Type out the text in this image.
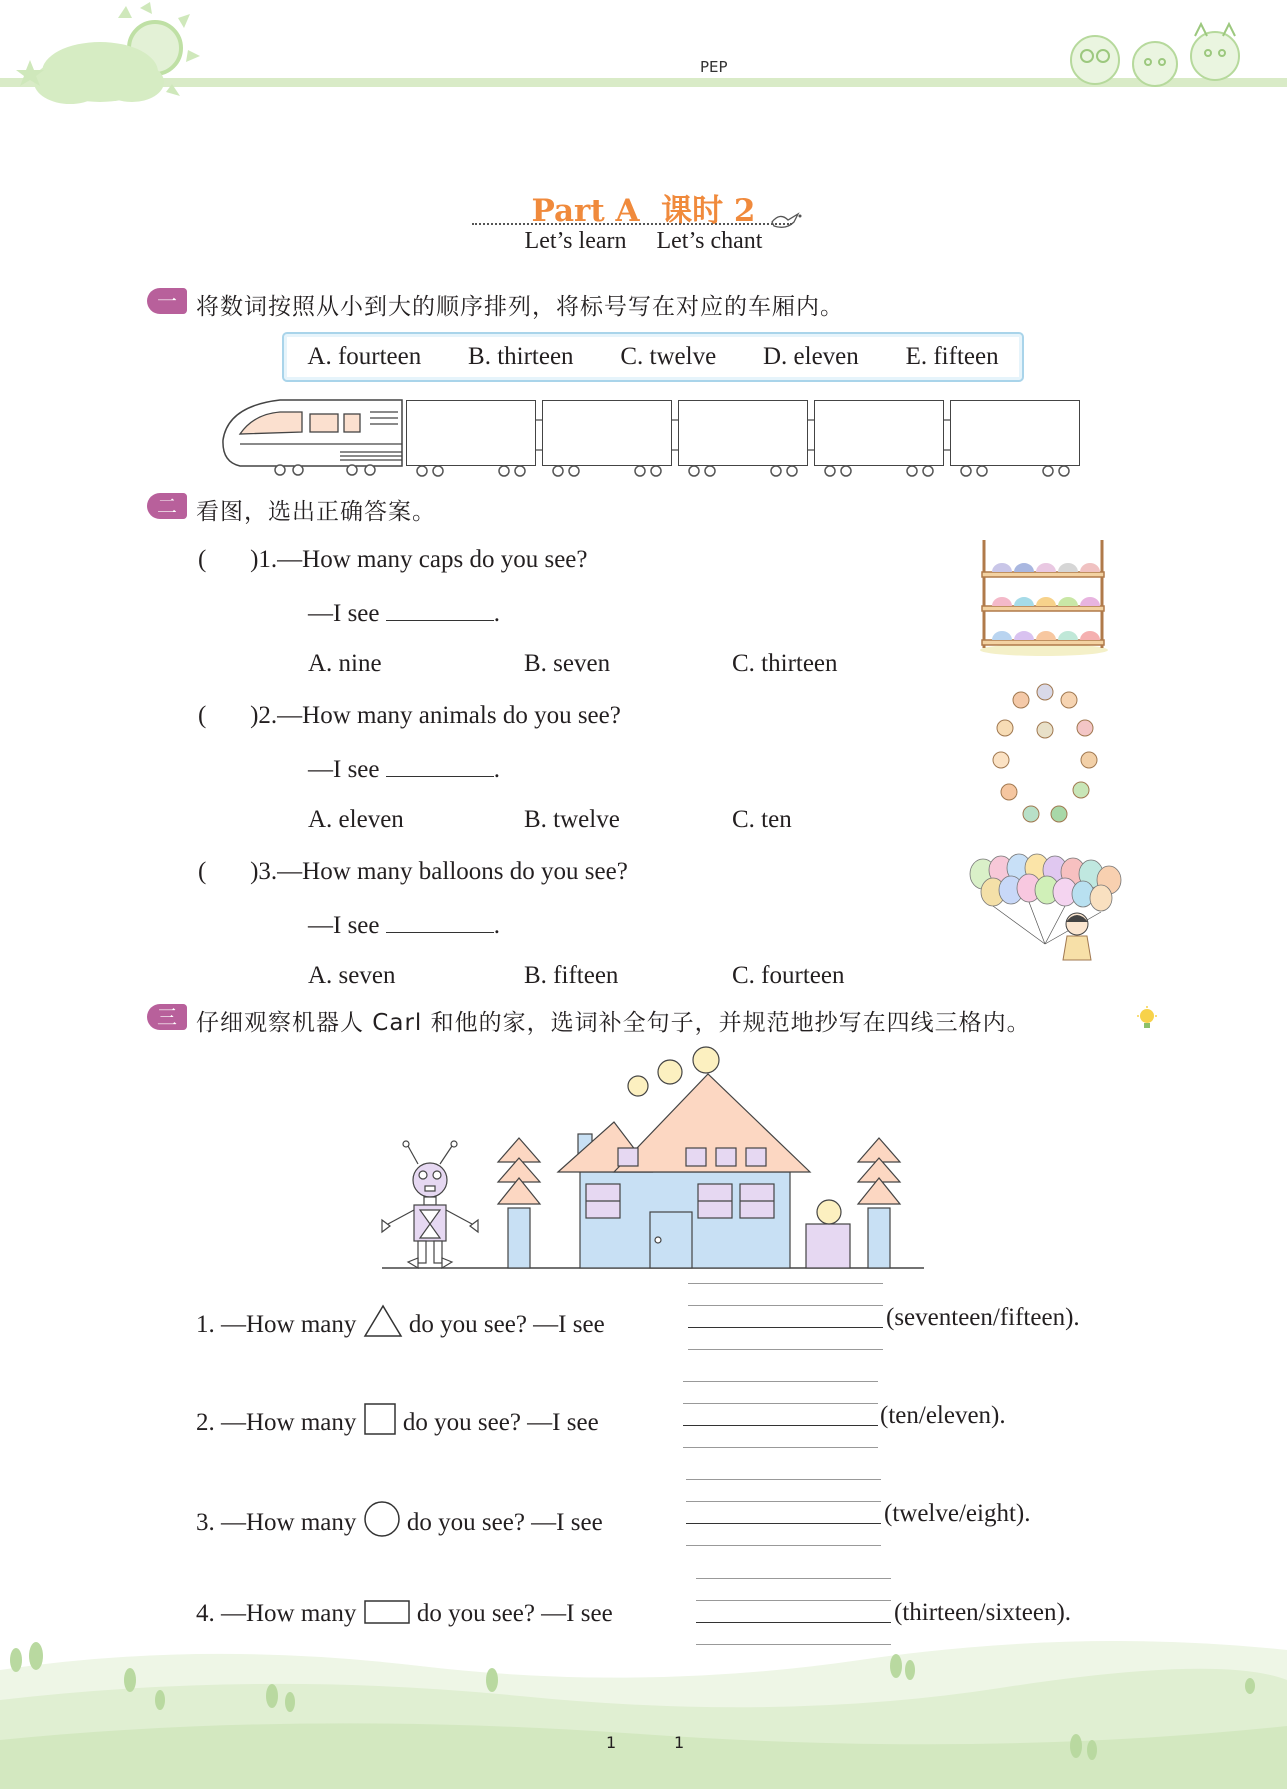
PEP
Part A  课时 2
Let’s learn Let’s chant
一 将数词按照从小到大的顺序排列，将标号写在对应的车厢内。
A. fourteen B. thirteen C. twelve D. eleven E. fifteen
二 看图，选出正确答案。
(       )1.—How many caps do you see?
—I see	.
A. nine	B. seven	C. thirteen
(       )2.—How many animals do you see?
—I see	.
A. eleven	B. twelve	C. ten
(       )3.—How many balloons do you see?
—I see	.
A. seven	B. fifteen	C. fourteen
三 仔细观察机器人 Carl 和他的家，选词补全句子，并规范地抄写在四线三格内。
1. —How many do you see? —I see	(seventeen/fifteen).
2. —How many do you see? —I see	(ten/eleven).
3. —How many do you see? —I see	(twelve/eight).
4. —How many do you see? —I see	(thirteen/sixteen).
1	1
